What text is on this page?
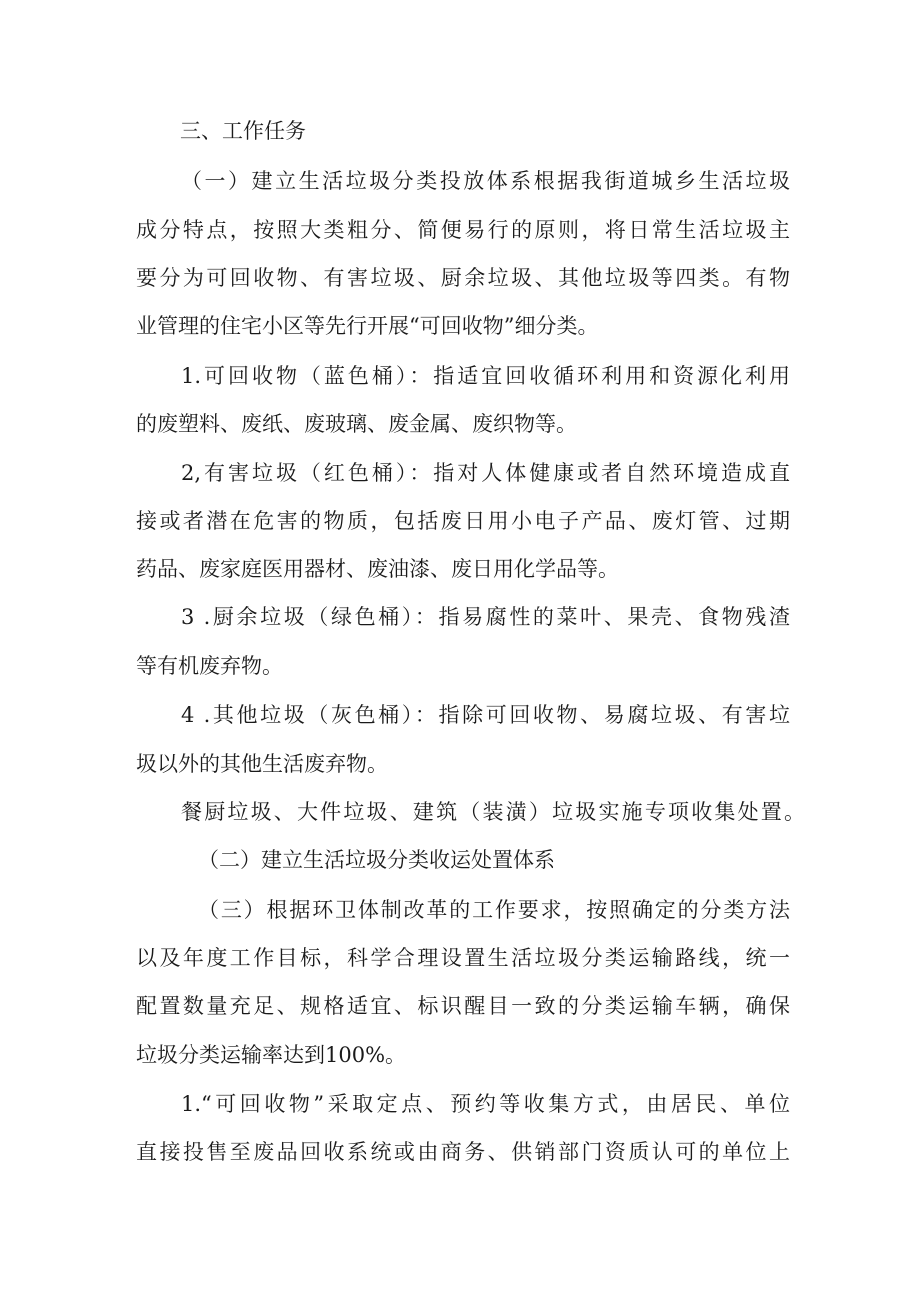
三、工作任务
（一）建立生活垃圾分类投放体系根据我街道城乡生活垃圾
成分特点，按照大类粗分、简便易行的原则，将日常生活垃圾主
要分为可回收物、有害垃圾、厨余垃圾、其他垃圾等四类。有物
业管理的住宅小区等先行开展“可回收物”细分类。
1.可回收物（蓝色桶）：指适宜回收循环利用和资源化利用
的废塑料、废纸、废玻璃、废金属、废织物等。
2,有害垃圾（红色桶）：指对人体健康或者自然环境造成直
接或者潜在危害的物质，包括废日用小电子产品、废灯管、过期
药品、废家庭医用器材、废油漆、废日用化学品等。
3 .厨余垃圾（绿色桶）：指易腐性的菜叶、果壳、食物残渣
等有机废弃物。
4 .其他垃圾（灰色桶）：指除可回收物、易腐垃圾、有害垃
圾以外的其他生活废弃物。
餐厨垃圾、大件垃圾、建筑（装潢）垃圾实施专项收集处置。
（二）建立生活垃圾分类收运处置体系
（三）根据环卫体制改革的工作要求，按照确定的分类方法
以及年度工作目标，科学合理设置生活垃圾分类运输路线，统一
配置数量充足、规格适宜、标识醒目一致的分类运输车辆，确保
垃圾分类运输率达到100%。
1.“可回收物”采取定点、预约等收集方式，由居民、单位
直接投售至废品回收系统或由商务、供销部门资质认可的单位上
